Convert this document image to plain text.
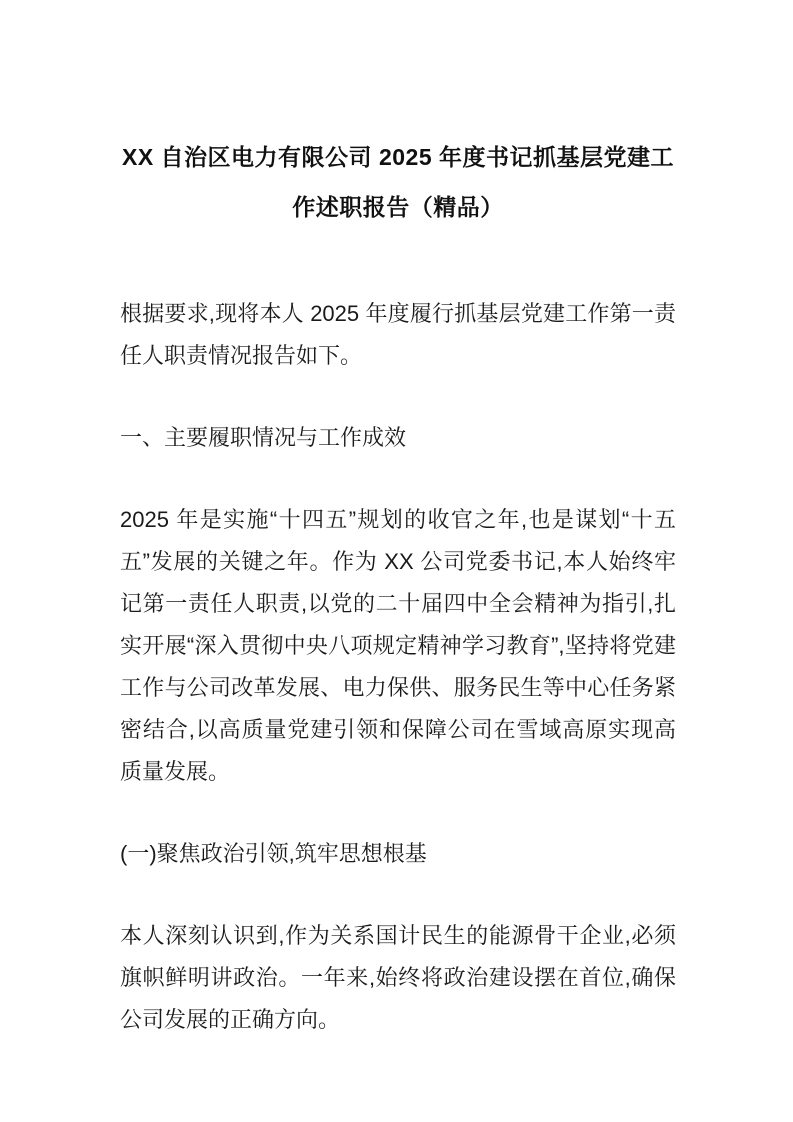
XX 自治区电力有限公司 2025 年度书记抓基层党建工作述职报告（精品）

根据要求,现将本人 2025 年度履行抓基层党建工作第一责任人职责情况报告如下。

一、主要履职情况与工作成效

2025 年是实施“十四五”规划的收官之年,也是谋划“十五五”发展的关键之年。作为 XX 公司党委书记,本人始终牢记第一责任人职责,以党的二十届四中全会精神为指引,扎实开展“深入贯彻中央八项规定精神学习教育”,坚持将党建工作与公司改革发展、电力保供、服务民生等中心任务紧密结合,以高质量党建引领和保障公司在雪域高原实现高质量发展。

(一)聚焦政治引领,筑牢思想根基

本人深刻认识到,作为关系国计民生的能源骨干企业,必须旗帜鲜明讲政治。一年来,始终将政治建设摆在首位,确保公司发展的正确方向。
